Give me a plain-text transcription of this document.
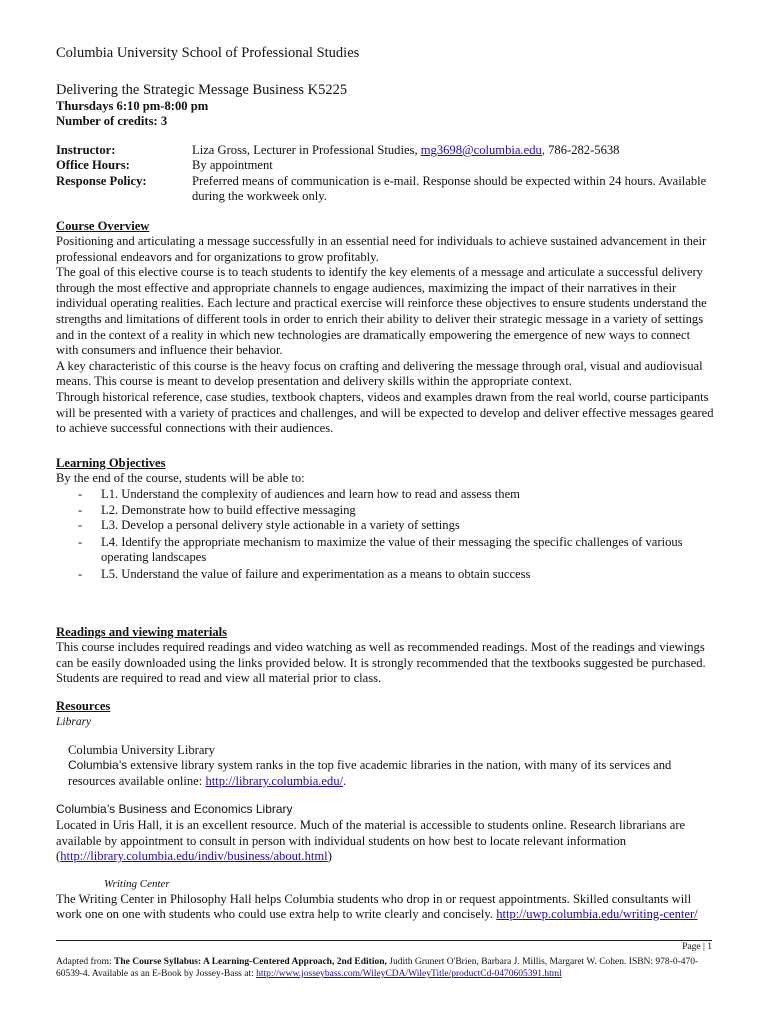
Columbia University School of Professional Studies
Delivering the Strategic Message Business K5225
Thursdays 6:10 pm-8:00 pm
Number of credits: 3
Instructor:	Liza Gross, Lecturer in Professional Studies, mg3698@columbia.edu, 786-282-5638
Office Hours:	By appointment
Response Policy:	Preferred means of communication is e-mail. Response should be expected within 24 hours. Available
during the workweek only.
Course Overview

Positioning and articulating a message successfully in an essential need for individuals to achieve sustained advancement in their professional endeavors and for organizations to grow profitably.

The goal of this elective course is to teach students to identify the key elements of a message and articulate a successful delivery through the most effective and appropriate channels to engage audiences, maximizing the impact of their narratives in their individual operating realities. Each lecture and practical exercise will reinforce these objectives to ensure students understand the strengths and limitations of different tools in order to enrich their ability to deliver their strategic message in a variety of settings and in the context of a reality in which new technologies are dramatically empowering the emergence of new ways to connect with consumers and influence their behavior.

A key characteristic of this course is the heavy focus on crafting and delivering the message through oral, visual and audiovisual means. This course is meant to develop presentation and delivery skills within the appropriate context.

Through historical reference, case studies, textbook chapters, videos and examples drawn from the real world, course participants will be presented with a variety of practices and challenges, and will be expected to develop and deliver effective messages geared to achieve successful connections with their audiences.

Learning Objectives
By the end of the course, students will be able to:
- L1. Understand the complexity of audiences and learn how to read and assess them
- L2. Demonstrate how to build effective messaging
- L3. Develop a personal delivery style actionable in a variety of settings
- L4. Identify the appropriate mechanism to maximize the value of their messaging the specific challenges of various operating landscapes
- L5. Understand the value of failure and experimentation as a means to obtain success
Readings and viewing materials
This course includes required readings and video watching as well as recommended readings. Most of the readings and viewings can be easily downloaded using the links provided below. It is strongly recommended that the textbooks suggested be purchased. Students are required to read and view all material prior to class.
Resources
Library
Columbia University Library
Columbia’s extensive library system ranks in the top five academic libraries in the nation, with many of its services and
resources available online: http://library.columbia.edu/.
Columbia’s Business and Economics Library
Located in Uris Hall, it is an excellent resource. Much of the material is accessible to students online. Research librarians are available by appointment to consult in person with individual students on how best to locate relevant information
(http://library.columbia.edu/indiv/business/about.html)
Writing Center
The Writing Center in Philosophy Hall helps Columbia students who drop in or request appointments. Skilled consultants will
work one on one with students who could use extra help to write clearly and concisely. http://uwp.columbia.edu/writing-center/
Page | 1
Adapted from: The Course Syllabus: A Learning-Centered Approach, 2nd Edition, Judith Grunert O'Brien, Barbara J. Millis, Margaret W. Cohen. ISBN: 978-0-470-60539-4. Available as an E-Book by Jossey-Bass at: http://www.josseybass.com/WileyCDA/WileyTitle/productCd-0470605391.html
